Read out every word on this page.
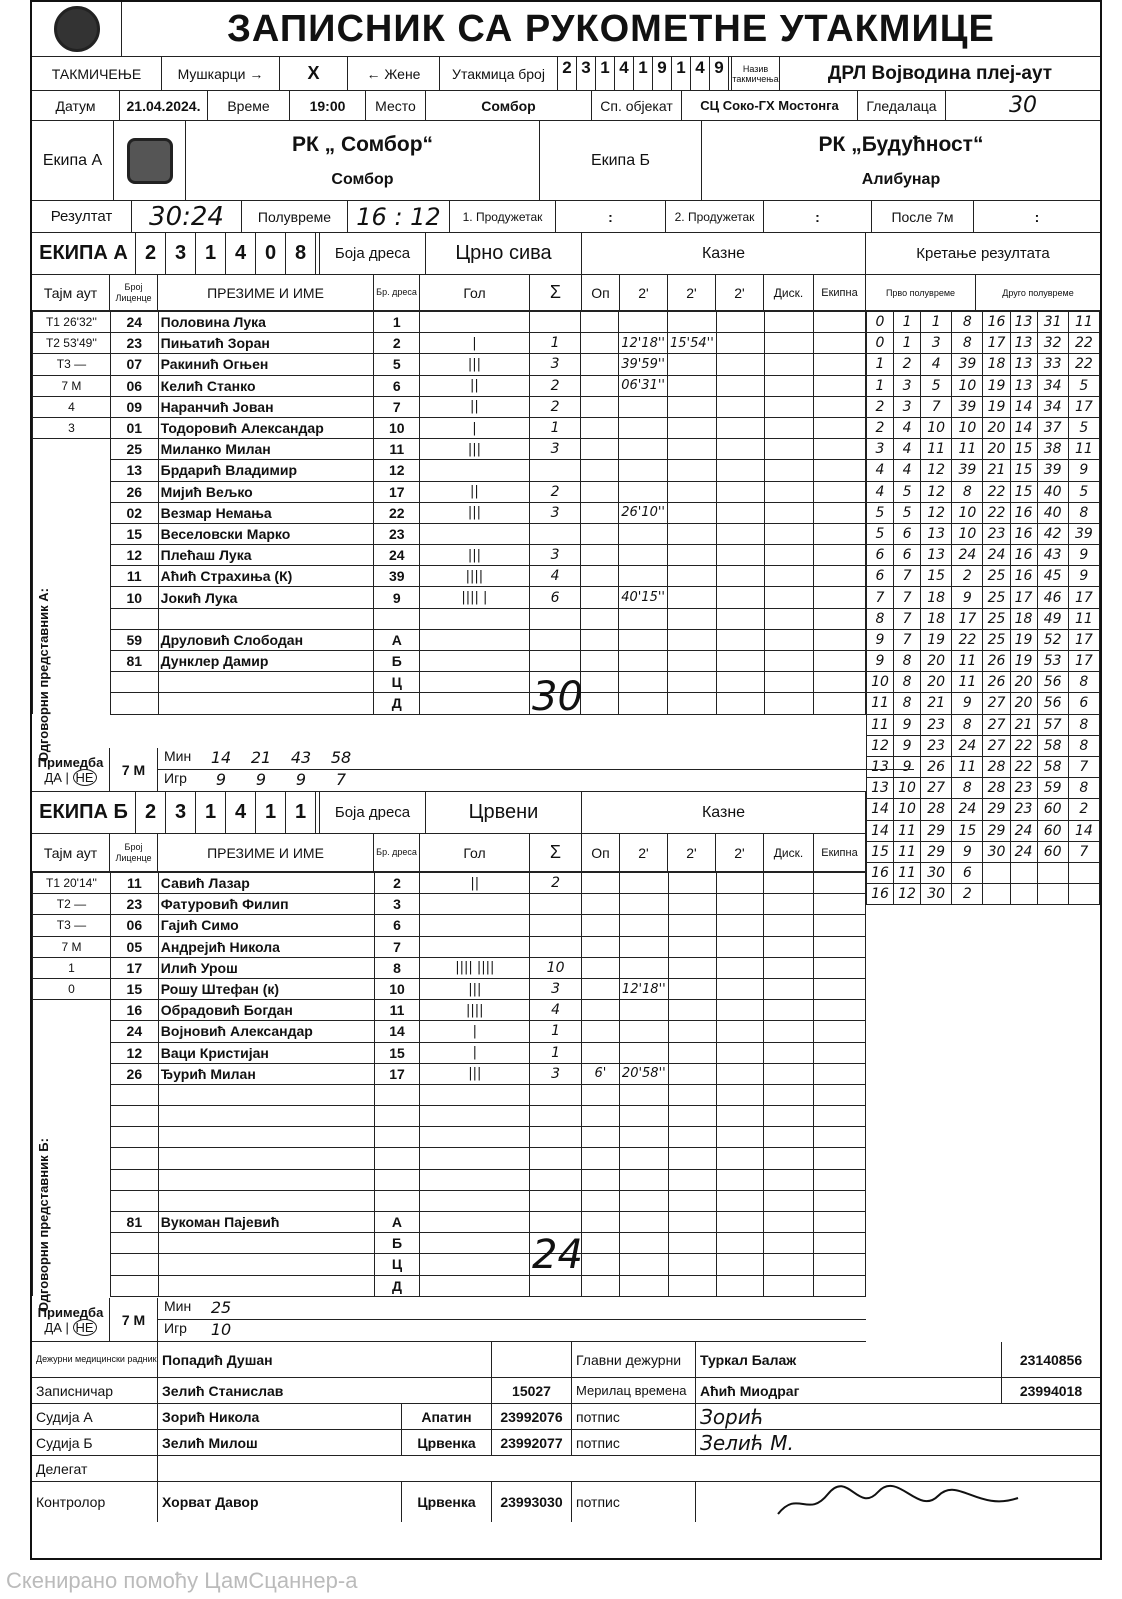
ЗАПИСНИК СА РУКОМЕТНЕ УТАКМИЦЕ
ТАКМИЧЕЊЕ	Мушкарци →	X	← Жене	Утакмица број	2 3 1 4 1 9 1 4 9	Назив такмичења	ДРЛ Војводина плеј-аут
Датум	21.04.2024.	Време	19:00	Место	Сомбор	Сп. објекат	СЦ Соко-ГХ Мостонга	Гледалаца	30
Екипа А
РК „ Сомбор“
Сомбор
Екипа Б
РК „Будућност“
Алибунар
Резултат	30:24	Полувреме	16 : 12	1. Продужетак	:	2. Продужетак	:	После 7м	:
ЕКИПА А 2 3 1 4 0 8	Боја дреса	Црно сива	Казне	Кретање резултата
Тајм аут	Број Лиценце	ПРЕЗИМЕ И ИМЕ	Бр. дреса	Гол	Σ	Оп	2'	2'	2'	Диск.	Екипна	Прво полувреме	Друго полувреме
T1 26'32''	24	Половина Лука	1								
T2 53'49''	23	Пињатић Зоран	2	|	1		12'18''	15'54''			
T3 —	07	Ракинић Огњен	5	|||	3		39'59''				
7 M	06	Келић Станко	6	||	2		06'31''				
4	09	Наранчић Јован	7	||	2						
3	01	Тодоровић Александар	10	|	1						
	25	Миланко Милан	11	|||	3						
	13	Брдарић Владимир	12								
	26	Мијић Вељко	17	||	2						
	02	Везмар Немања	22	|||	3		26'10''				
	15	Веселовски Марко	23								
	12	Плећаш Лука	24	|||	3						
	11	Аћић Страхиња (К)	39	||||	4						
	10	Јокић Лука	9	|||| |	6		40'15''				

	59	Друловић Слободан	А								
	81	Дунклер Дамир	Б								
			Ц								
			Д								
Одговорни представник А:	30
0	1	1	8	16	13	31	11
0	1	3	8	17	13	32	22
1	2	4	39	18	13	33	22
1	3	5	10	19	13	34	5
2	3	7	39	19	14	34	17
2	4	10	10	20	14	37	5
3	4	11	11	20	15	38	11
4	4	12	39	21	15	39	9
4	5	12	8	22	15	40	5
5	5	12	10	22	16	40	8
5	6	13	10	23	16	42	39
6	6	13	24	24	16	43	9
6	7	15	2	25	16	45	9
7	7	18	9	25	17	46	17
8	7	18	17	25	18	49	11
9	7	19	22	25	19	52	17
9	8	20	11	26	19	53	17
10	8	20	11	26	20	56	8
11	8	21	9	27	20	56	6
11	9	23	8	27	21	57	8
12	9	23	24	27	22	58	8
13	9	26	11	28	22	58	7
13	10	27	8	28	23	59	8
14	10	28	24	29	23	60	2
14	11	29	15	29	24	60	14
15	11	29	9	30	24	60	7
16	11	30	6				
16	12	30	2				
Примедба
ДА | НЕ	7 М
Мин	14 21 43 58
Игр	9	9	9	7
ЕКИПА Б 2 3 1 4 1 1	Боја дреса	Црвени	Казне
Тајм аут	Број Лиценце	ПРЕЗИМЕ И ИМЕ	Бр. дреса	Гол	Σ	Оп	2'	2'	2'	Диск.	Екипна
T1 20'14''	11	Савић Лазар	2	||	2						
T2 —	23	Фатуровић Филип	3								
T3 —	06	Гајић Симо	6								
7 M	05	Андрејић Никола	7								
1	17	Илић Урош	8	|||| ||||	10						
0	15	Рошу Штефан (к)	10	|||	3		12'18''				
	16	Обрадовић Богдан	11	||||	4						
	24	Војновић Александар	14	|	1						
	12	Ваци Кристијан	15	|	1						
	26	Ђурић Милан	17	|||	3	6'	20'58''				

	81	Вукоман Пајевић	А								
			Б								
			Ц								
			Д								
Одговорни представник Б:	24
Примедба
ДА | НЕ	7 М
Мин	25
Игр	10
Дежурни медицински радник Попадић Душан	Главни дежурни	Туркал Балаж	23140856
Записничар	Зелић Станислав	15027	Мерилац времена Аћић Миодраг	23994018
Судија А	Зорић Никола	Апатин	23992076 потпис	Зорић
Судија Б	Зелић Милош	Црвенка	23992077 потпис	Зелић М.
Делегат
Контролор	Хорват Давор	Црвенка	23993030 потпис
Скенирано помоћу ЦамСцаннер-а
